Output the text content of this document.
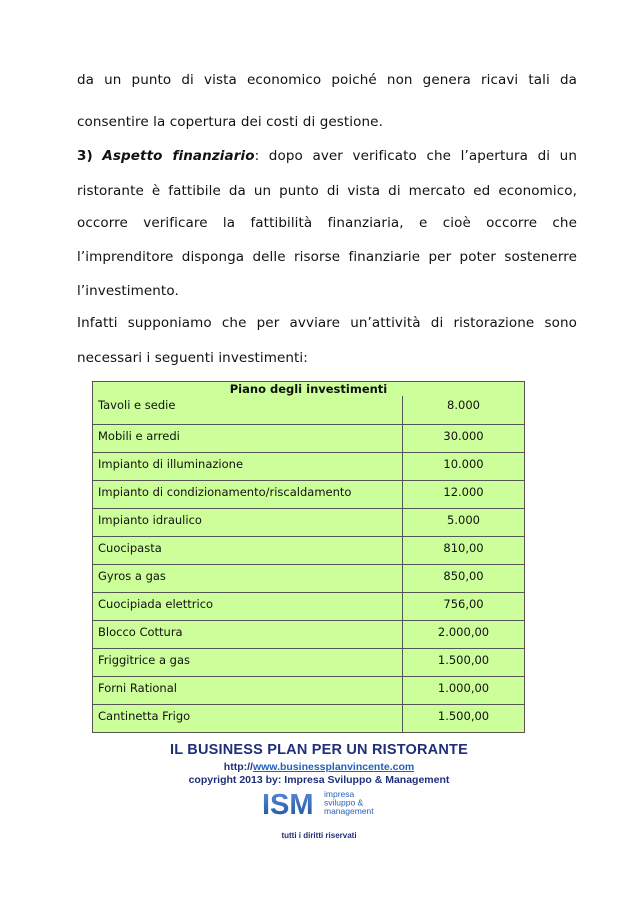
da un punto di vista economico poiché non genera ricavi tali da
consentire la copertura dei costi di gestione.
3) Aspetto finanziario: dopo aver verificato che l’apertura di un
ristorante è fattibile da un punto di vista di mercato ed economico,
occorre verificare la fattibilità finanziaria, e cioè occorre che
l’imprenditore disponga delle risorse finanziarie per poter sostenerre
l’investimento.
Infatti supponiamo che per avviare un’attività di ristorazione sono
necessari i seguenti investimenti:
Piano degli investimenti	
Tavoli e sedie	8.000
Mobili e arredi	30.000
Impianto di illuminazione	10.000
Impianto di condizionamento/riscaldamento	12.000
Impianto idraulico	5.000
Cuocipasta	810,00
Gyros a gas	850,00
Cuocipiada elettrico	756,00
Blocco Cottura	2.000,00
Friggitrice a gas	1.500,00
Forni Rational	1.000,00
Cantinetta Frigo	1.500,00
IL BUSINESS PLAN PER UN RISTORANTE
http://www.businessplanvincente.com
copyright 2013 by: Impresa Sviluppo & Management
ISM impresa
sviluppo &
management
tutti i diritti riservati
